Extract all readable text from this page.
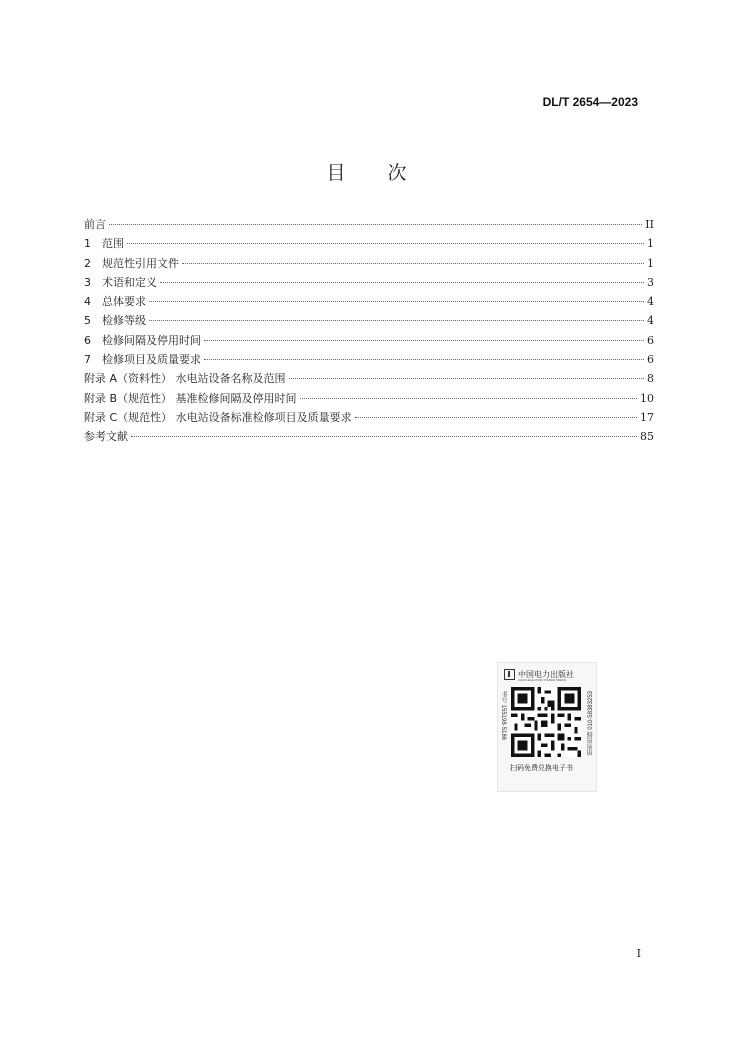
DL/T 2654—2023
目 次
前言	II
1	范围	1
2	规范性引用文件	1
3	术语和定义	3
4	总体要求	4
5	检修等级	4
6	检修间隔及停用时间	6
7	检修项目及质量要求	6
附录 A（资料性） 水电站设备名称及范围	8
附录 B（规范性） 基准检修间隔及停用时间	10
附录 C（规范性） 水电站设备标准检修项目及质量要求	17
参考文献	85
中国电力出版社
CHINA ELECTRIC POWER PRESS
书号 155198·5186	销售热线 010-58383253
扫码免费兑换电子书
I
